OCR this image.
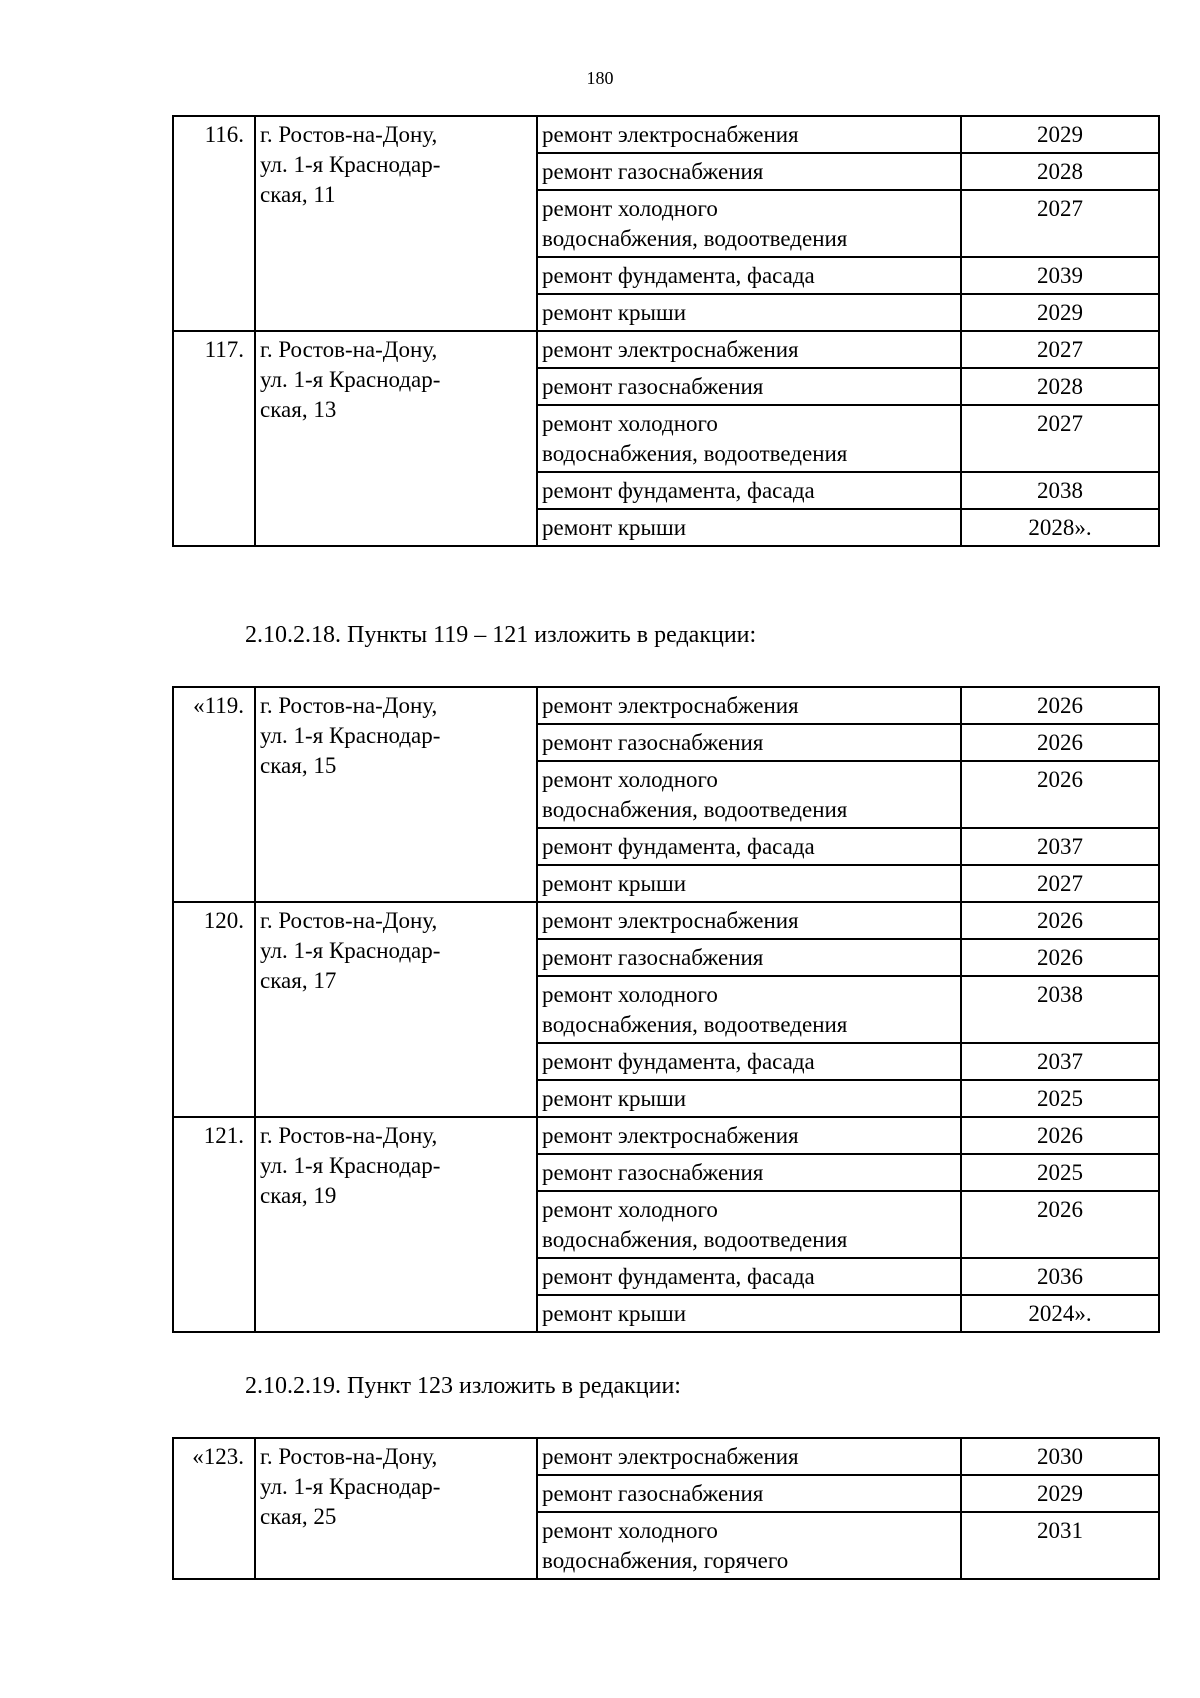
180
116.	г. Ростов-на-Дону,
ул. 1-я Краснодар-
ская, 11	ремонт электроснабжения	2029
		ремонт газоснабжения	2028
		ремонт холодного
водоснабжения, водоотведения	2027
		ремонт фундамента, фасада	2039
		ремонт крыши	2029
117.	г. Ростов-на-Дону,
ул. 1-я Краснодар-
ская, 13	ремонт электроснабжения	2027
		ремонт газоснабжения	2028
		ремонт холодного
водоснабжения, водоотведения	2027
		ремонт фундамента, фасада	2038
		ремонт крыши	2028».
2.10.2.18. Пункты 119 – 121 изложить в редакции:
«119.	г. Ростов-на-Дону,
ул. 1-я Краснодар-
ская, 15	ремонт электроснабжения	2026
		ремонт газоснабжения	2026
		ремонт холодного
водоснабжения, водоотведения	2026
		ремонт фундамента, фасада	2037
		ремонт крыши	2027
120.	г. Ростов-на-Дону,
ул. 1-я Краснодар-
ская, 17	ремонт электроснабжения	2026
		ремонт газоснабжения	2026
		ремонт холодного
водоснабжения, водоотведения	2038
		ремонт фундамента, фасада	2037
		ремонт крыши	2025
121.	г. Ростов-на-Дону,
ул. 1-я Краснодар-
ская, 19	ремонт электроснабжения	2026
		ремонт газоснабжения	2025
		ремонт холодного
водоснабжения, водоотведения	2026
		ремонт фундамента, фасада	2036
		ремонт крыши	2024».
2.10.2.19. Пункт 123 изложить в редакции:
«123.	г. Ростов-на-Дону,
ул. 1-я Краснодар-
ская, 25	ремонт электроснабжения	2030
		ремонт газоснабжения	2029
		ремонт холодного
водоснабжения, горячего	2031
